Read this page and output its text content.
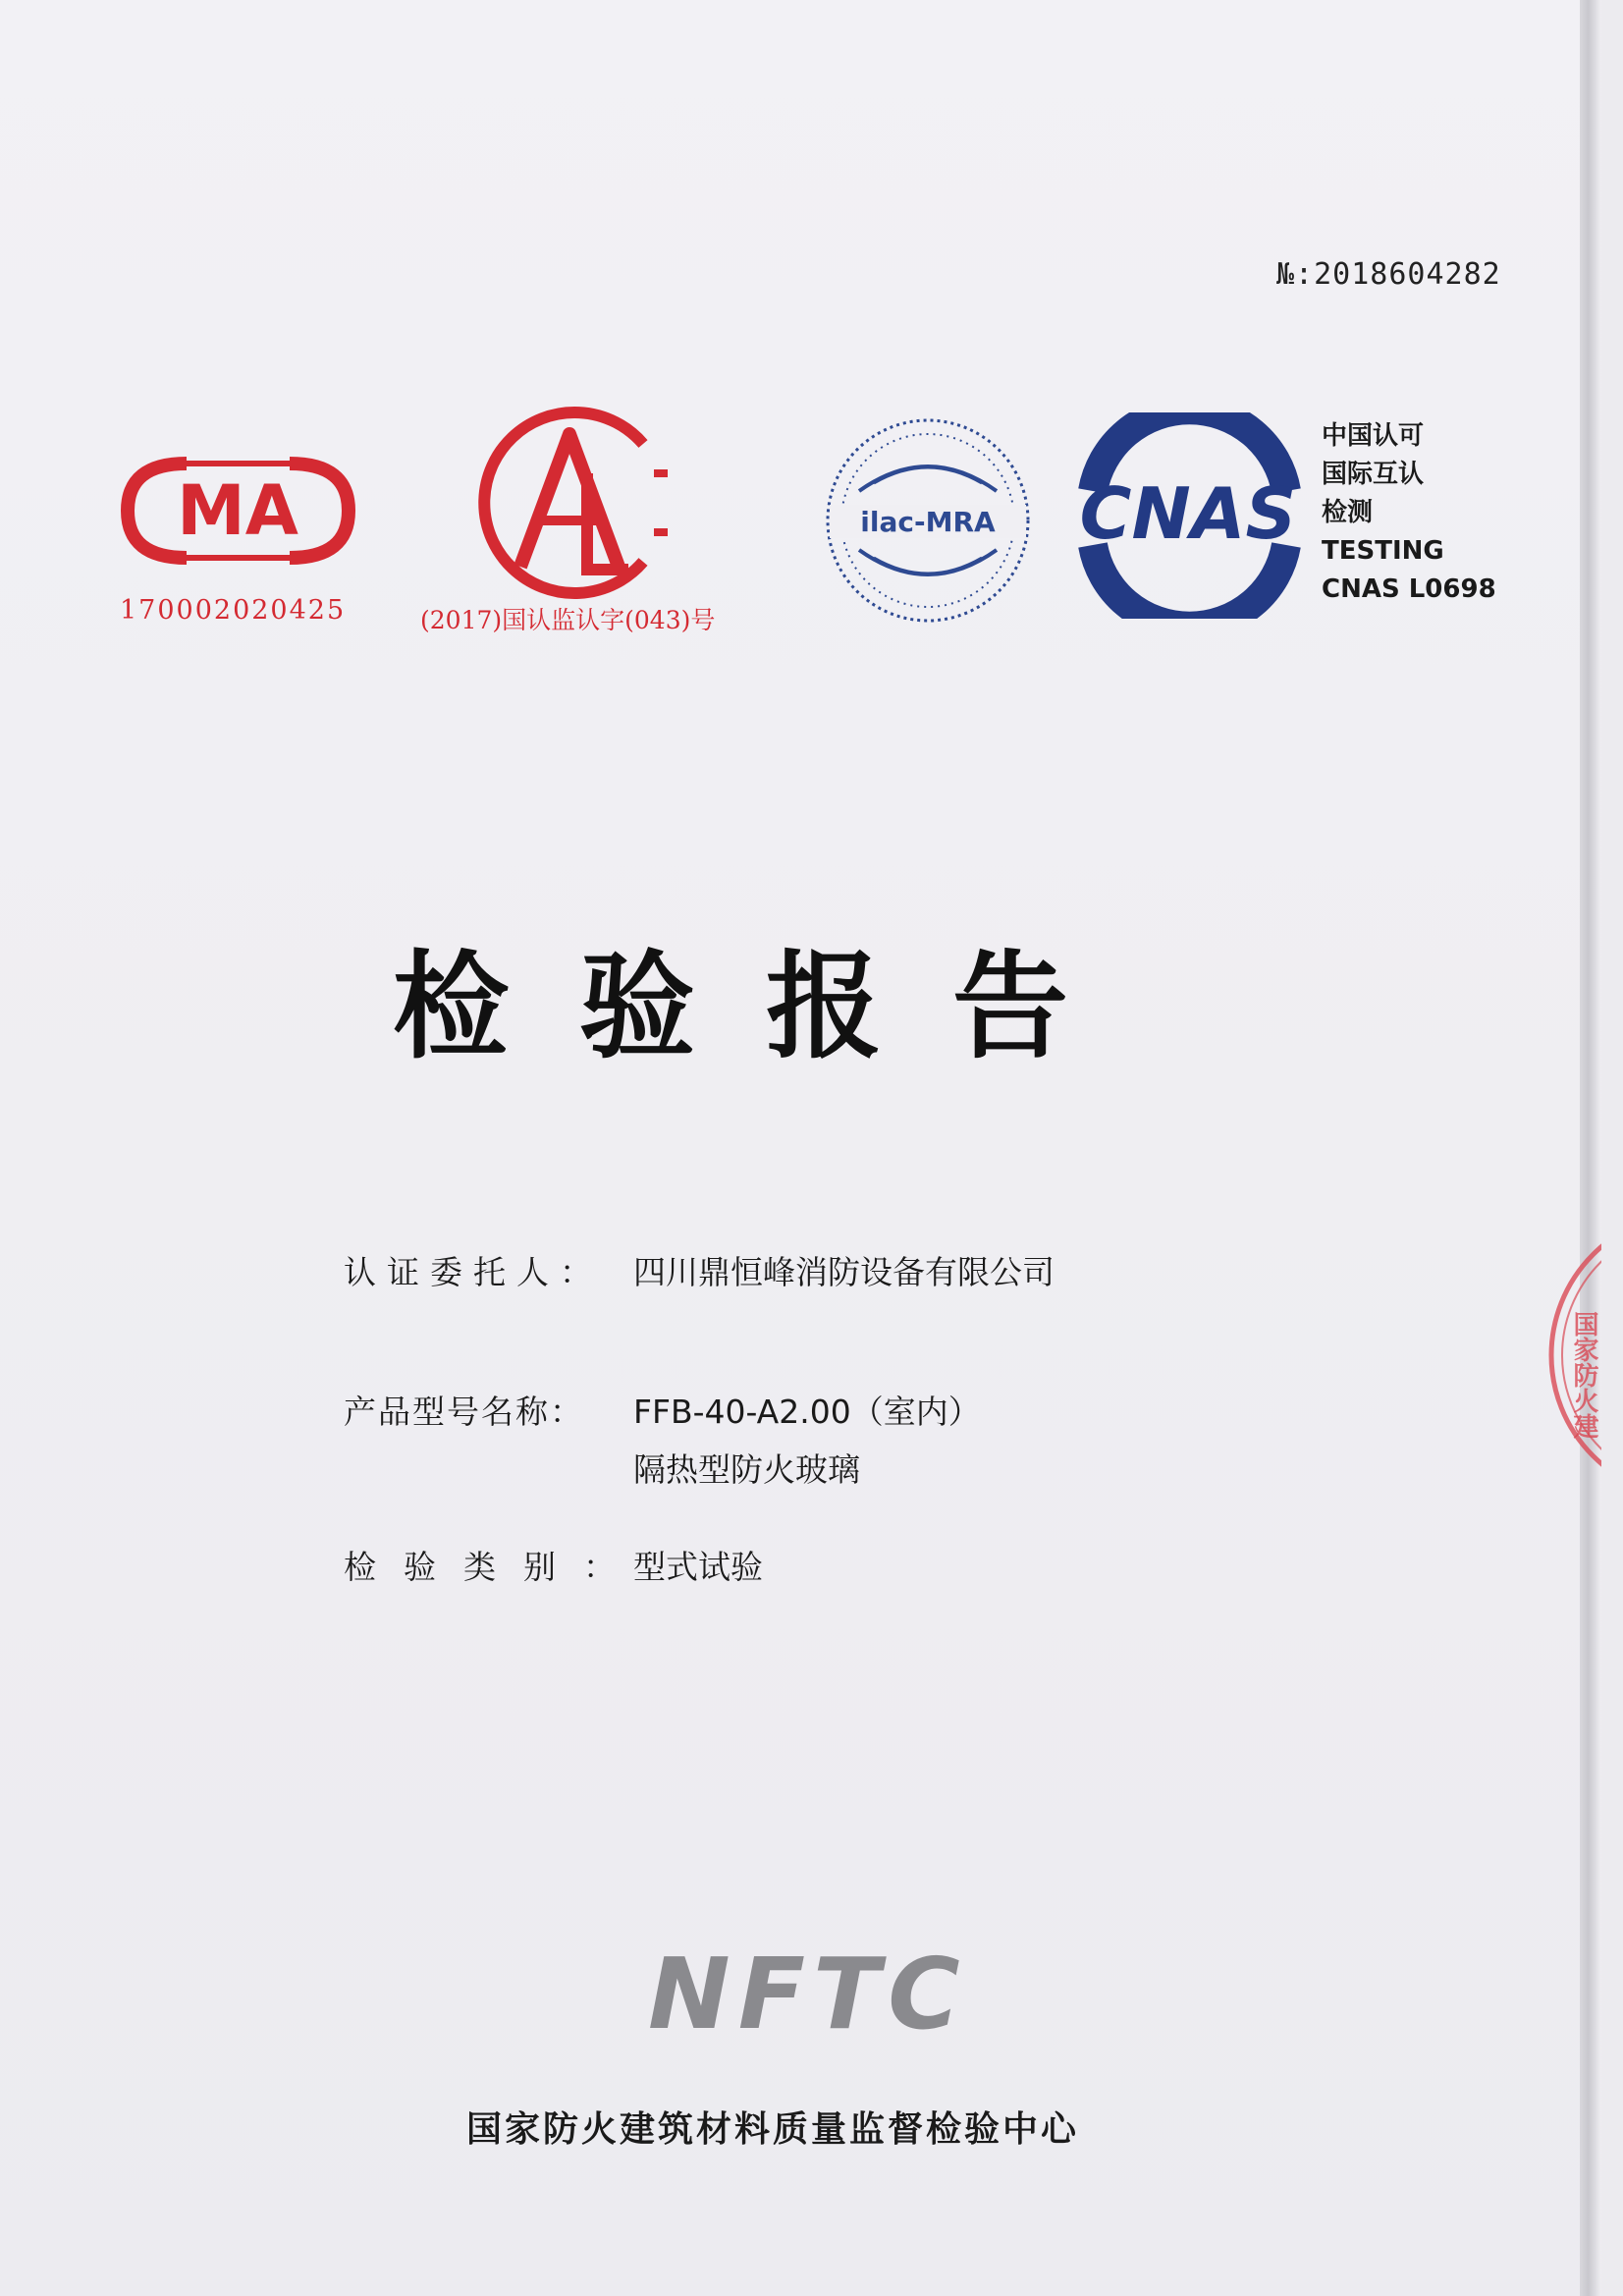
№:2018604282
MA
170002020425	(2017)国认监认字(043)号
ilac-MRA CNAS
中国认可
国际互认
检测
TESTING
CNAS L0698
检验报告
认证委托人： 四川鼎恒峰消防设备有限公司
产品型号名称： FFB-40-A2.00（室内）
隔热型防火玻璃
检验类别：型式试验
NFTC
国家防火建筑材料质量监督检验中心
国家防火建
